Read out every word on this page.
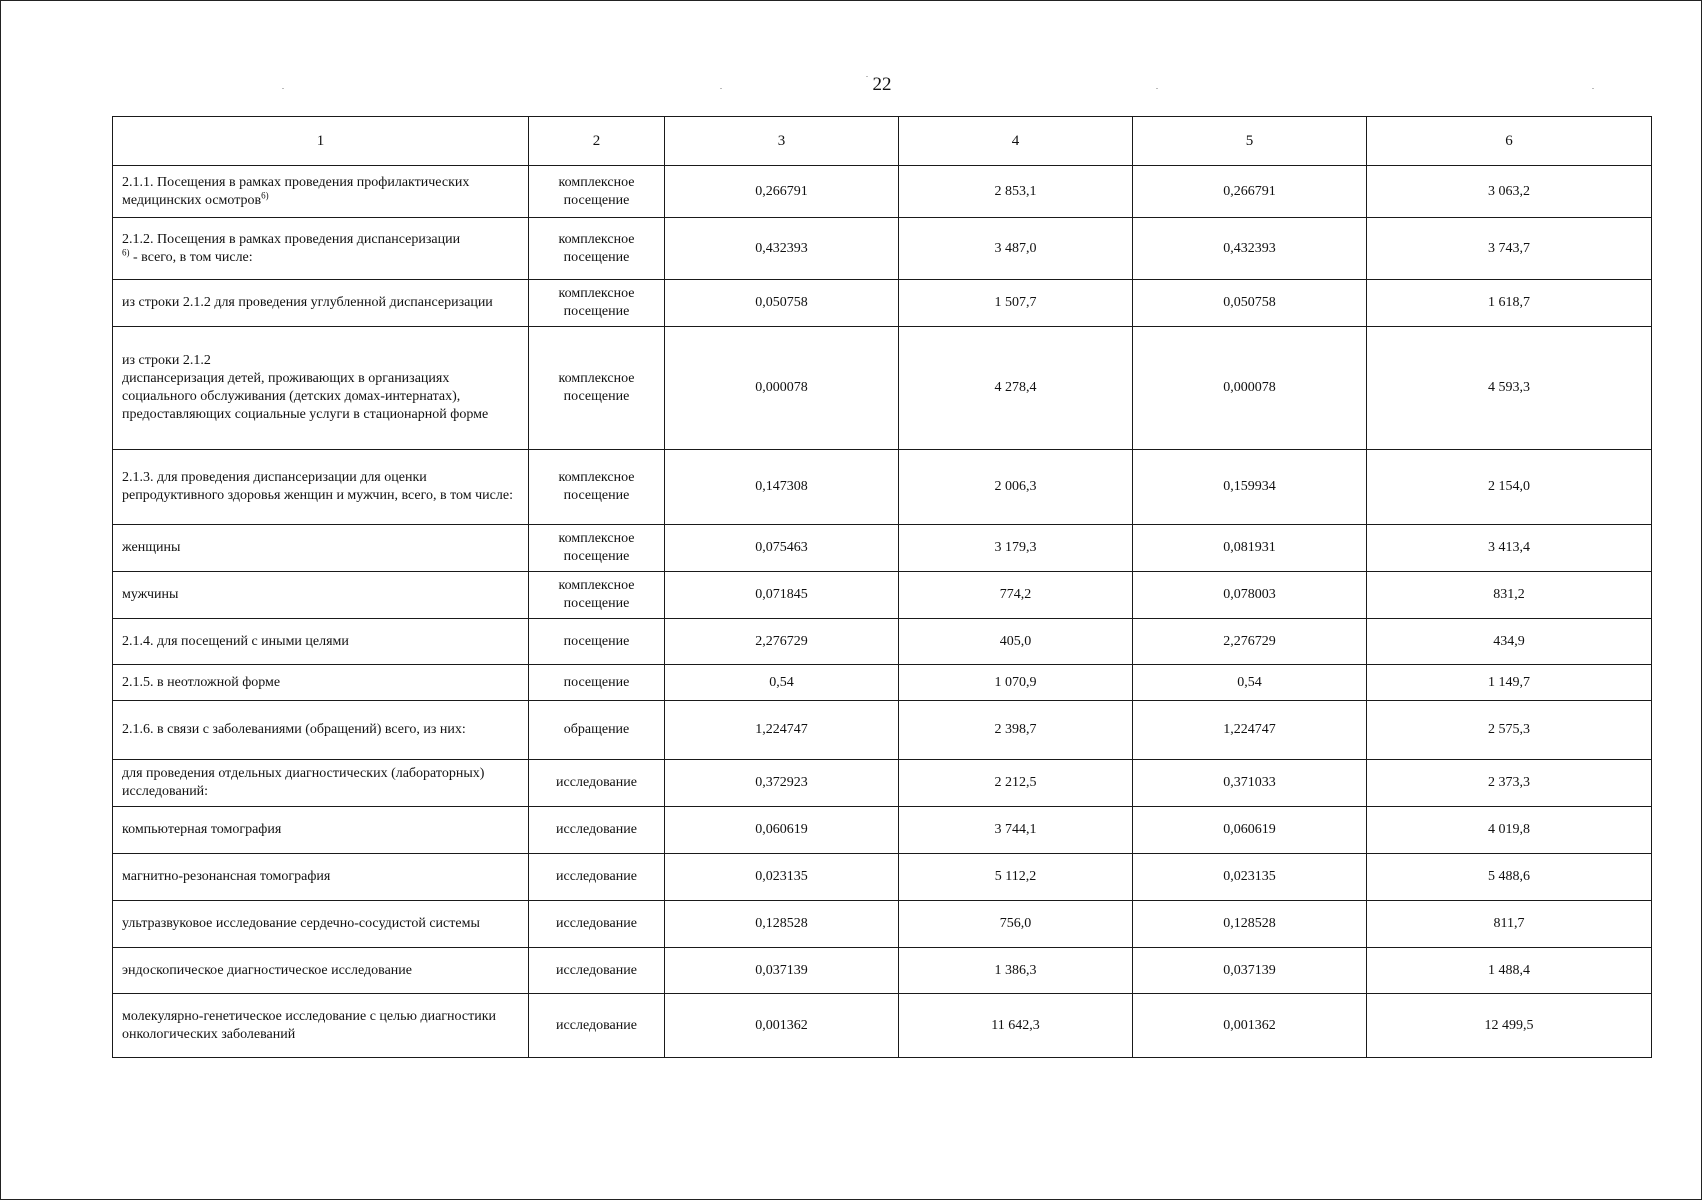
22
1	2	3	4	5	6
2.1.1. Посещения в рамках проведения профилактических медицинских осмотров$^{6)}$	комплексное посещение	0,266791	2 853,1	0,266791	3 063,2
2.1.2. Посещения в рамках проведения диспансеризации
$^{6)}$ - всего, в том числе:	комплексное посещение	0,432393	3 487,0	0,432393	3 743,7
из строки 2.1.2 для проведения углубленной диспансеризации	комплексное посещение	0,050758	1 507,7	0,050758	1 618,7
из строки 2.1.2
диспансеризация детей, проживающих в организациях социального обслуживания (детских домах-интернатах), предоставляющих социальные услуги в стационарной форме	комплексное посещение	0,000078	4 278,4	0,000078	4 593,3
2.1.3. для проведения диспансеризации для оценки репродуктивного здоровья женщин и мужчин, всего, в том числе:	комплексное посещение	0,147308	2 006,3	0,159934	2 154,0
женщины	комплексное посещение	0,075463	3 179,3	0,081931	3 413,4
мужчины	комплексное посещение	0,071845	774,2	0,078003	831,2
2.1.4. для посещений с иными целями	посещение	2,276729	405,0	2,276729	434,9
2.1.5. в неотложной форме	посещение	0,54	1 070,9	0,54	1 149,7
2.1.6. в связи с заболеваниями (обращений) всего, из них:	обращение	1,224747	2 398,7	1,224747	2 575,3
для проведения отдельных диагностических (лабораторных) исследований:	исследование	0,372923	2 212,5	0,371033	2 373,3
компьютерная томография	исследование	0,060619	3 744,1	0,060619	4 019,8
магнитно-резонансная томография	исследование	0,023135	5 112,2	0,023135	5 488,6
ультразвуковое исследование сердечно-сосудистой системы	исследование	0,128528	756,0	0,128528	811,7
эндоскопическое диагностическое исследование	исследование	0,037139	1 386,3	0,037139	1 488,4
молекулярно-генетическое исследование с целью диагностики онкологических заболеваний	исследование	0,001362	11 642,3	0,001362	12 499,5
